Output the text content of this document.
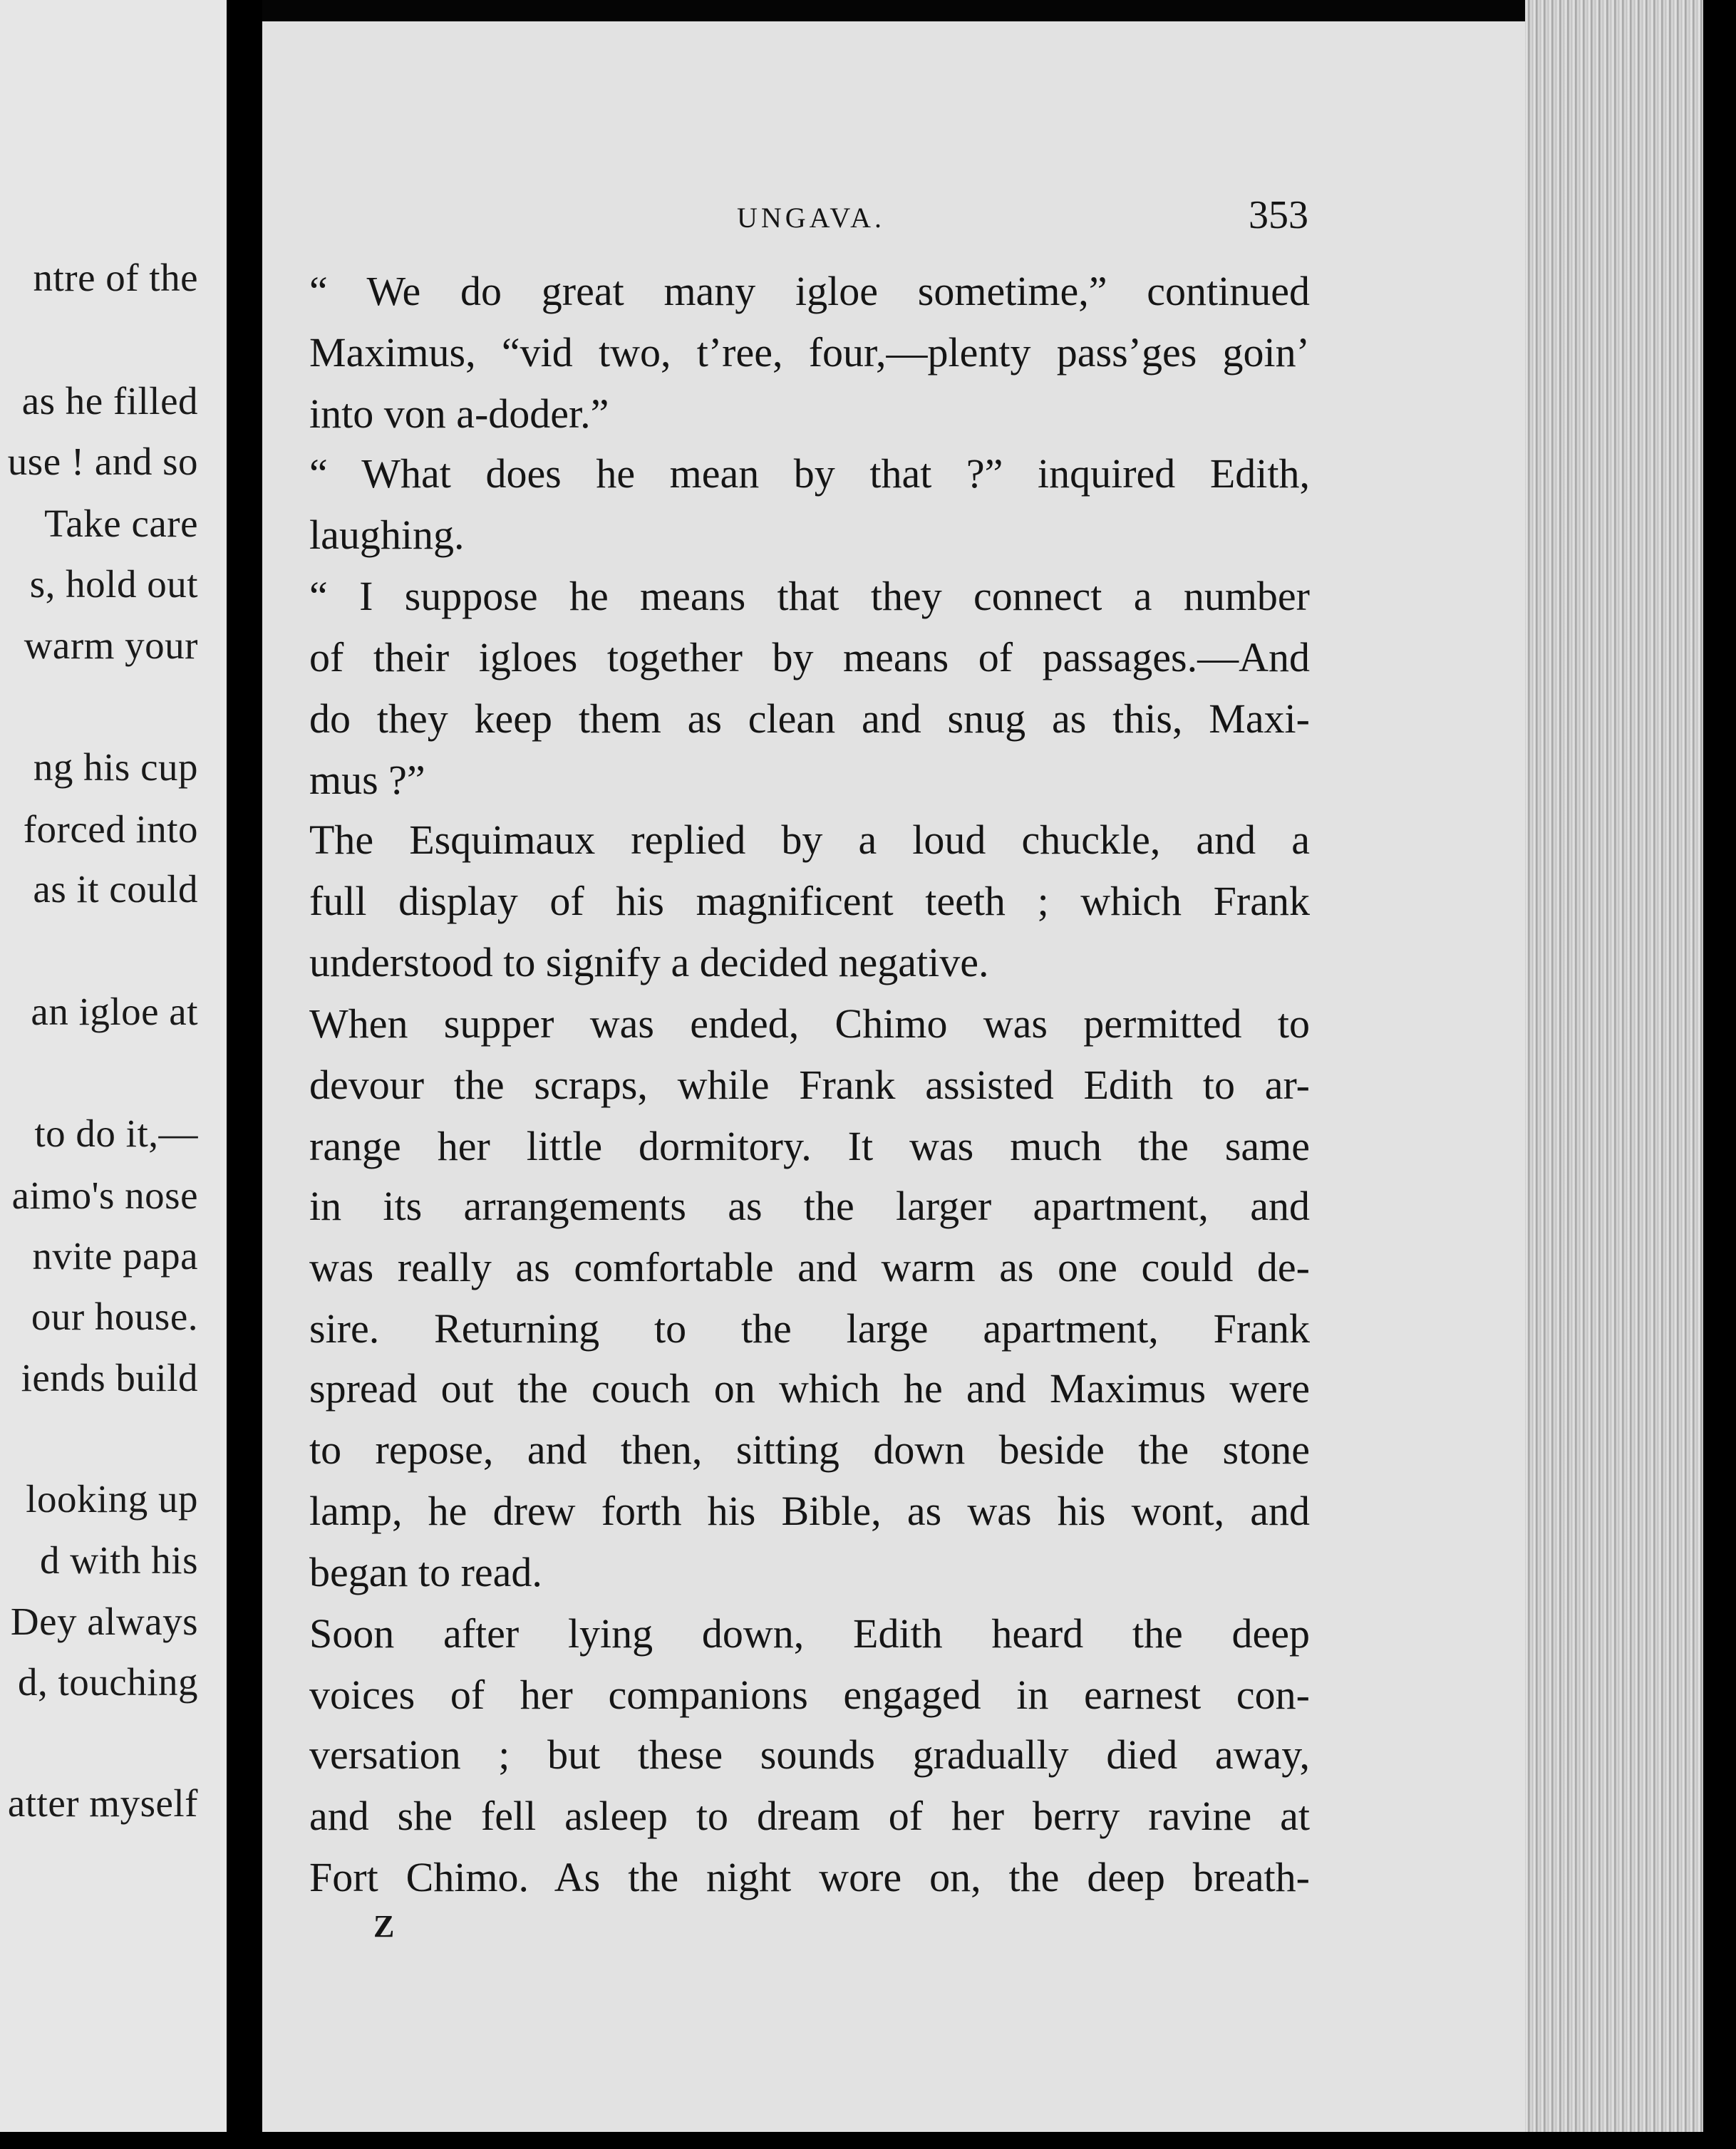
ntre of the
as he filled
use ! and so
Take care
s, hold out
warm your
ng his cup
forced into
as it could
an igloe at
to do it,—
aimo's nose
nvite papa
our house.
iends build
looking up
d with his
Dey always
d, touching
atter myself
UNGAVA.	353
“ We do great many igloe sometime,” continued
Maximus, “vid two, t’ree, four,—plenty pass’ges goin’
into von a-doder.”
“ What does he mean by that ?” inquired Edith,
laughing.
“ I suppose he means that they connect a number
of their igloes together by means of passages.—And
do they keep them as clean and snug as this, Maxi-
mus ?”
The Esquimaux replied by a loud chuckle, and a
full display of his magnificent teeth ; which Frank
understood to signify a decided negative.
When supper was ended, Chimo was permitted to
devour the scraps, while Frank assisted Edith to ar-
range her little dormitory. It was much the same
in its arrangements as the larger apartment, and
was really as comfortable and warm as one could de-
sire. Returning to the large apartment, Frank
spread out the couch on which he and Maximus were
to repose, and then, sitting down beside the stone
lamp, he drew forth his Bible, as was his wont, and
began to read.
Soon after lying down, Edith heard the deep
voices of her companions engaged in earnest con-
versation ; but these sounds gradually died away,
and she fell asleep to dream of her berry ravine at
Fort Chimo. As the night wore on, the deep breath-
Z
